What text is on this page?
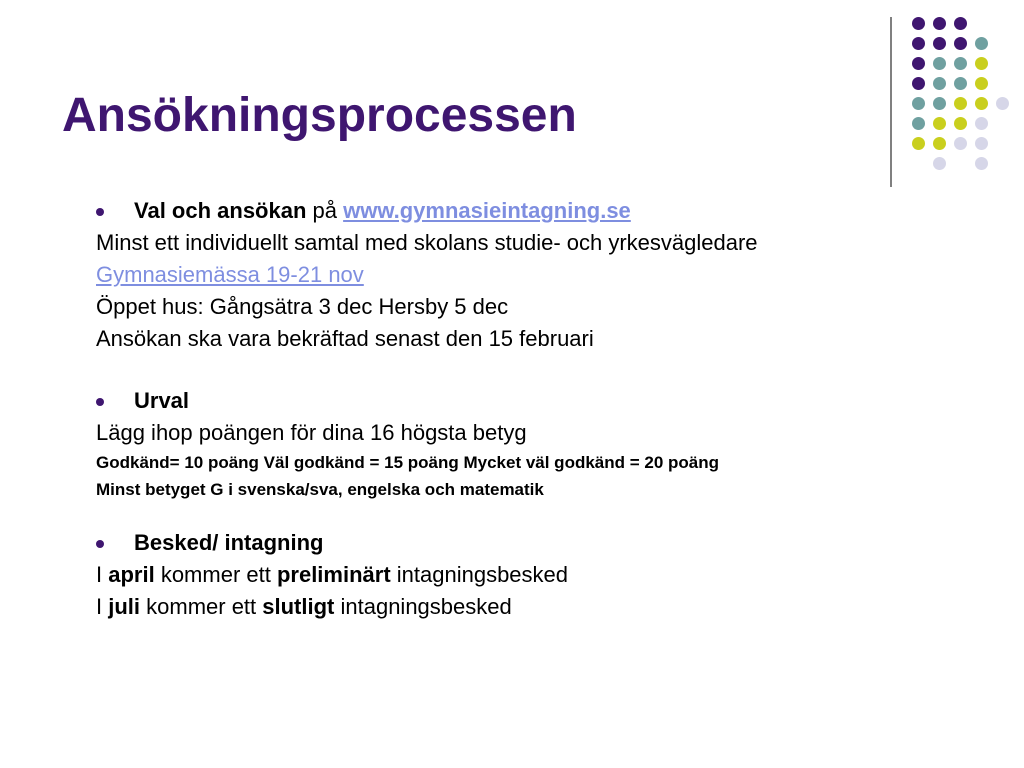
Ansökningsprocessen
Val och ansökan på www.gymnasieintagning.se
Minst ett individuellt samtal med skolans studie- och yrkesvägledare
Gymnasiemässa 19-21 nov
Öppet hus: Gångsätra 3 dec Hersby 5 dec
Ansökan ska vara bekräftad senast den 15 februari
Urval
Lägg ihop poängen för dina 16 högsta betyg
Godkänd= 10 poäng Väl godkänd = 15 poäng Mycket väl godkänd = 20 poäng
Minst betyget G i svenska/sva, engelska och matematik
Besked/ intagning
I april kommer ett preliminärt intagningsbesked
I juli kommer ett slutligt intagningsbesked
